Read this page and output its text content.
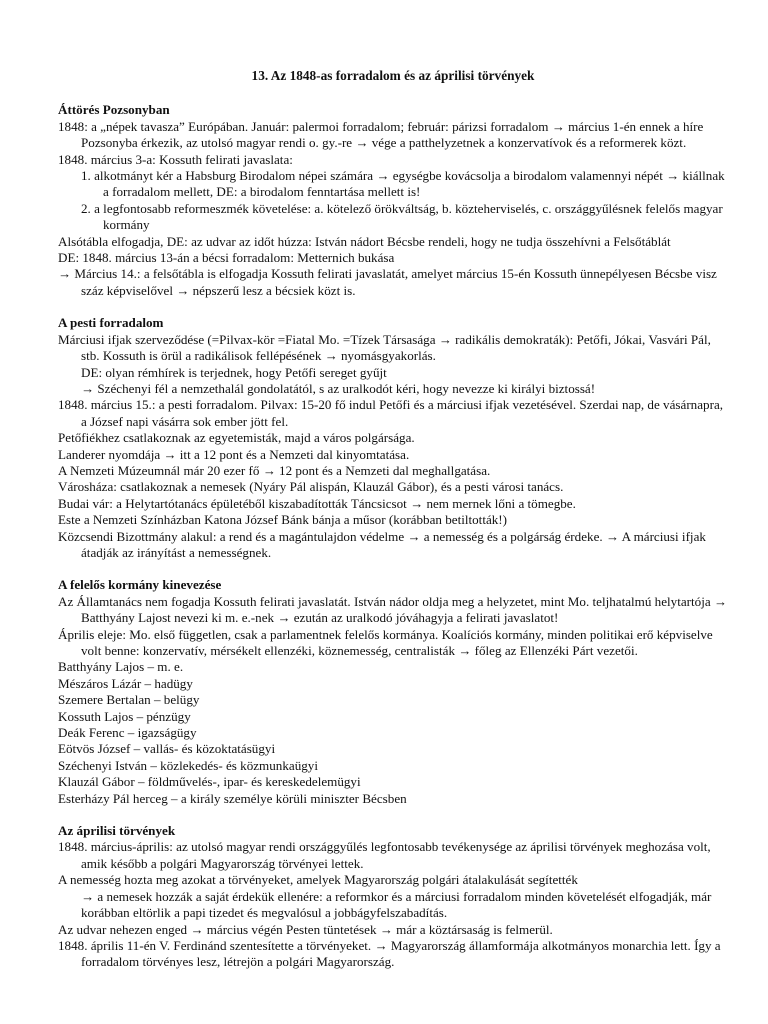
13. Az 1848-as forradalom és az áprilisi törvények

Áttörés Pozsonyban

1848: a „népek tavasza” Európában. Január: palermoi forradalom; február: párizsi forradalom → március 1-én ennek a híre Pozsonyba érkezik, az utolsó magyar rendi o. gy.-re → vége a patthelyzetnek a konzervatívok és a reformerek közt.

1848. március 3-a: Kossuth felirati javaslata:

1. alkotmányt kér a Habsburg Birodalom népei számára → egységbe kovácsolja a birodalom valamennyi népét → kiállnak a forradalom mellett, DE: a birodalom fenntartása mellett is!

2. a legfontosabb reformeszmék követelése: a. kötelező örökváltság, b. közteherviselés, c. országgyűlésnek felelős magyar kormány

Alsótábla elfogadja, DE: az udvar az időt húzza: István nádort Bécsbe rendeli, hogy ne tudja összehívni a Felsőtáblát

DE: 1848. március 13-án a bécsi forradalom: Metternich bukása

→ Március 14.: a felsőtábla is elfogadja Kossuth felirati javaslatát, amelyet március 15-én Kossuth ünnepélyesen Bécsbe visz száz képviselővel → népszerű lesz a bécsiek közt is.

A pesti forradalom

Márciusi ifjak szerveződése (=Pilvax-kör =Fiatal Mo. =Tízek Társasága → radikális demokraták): Petőfi, Jókai, Vasvári Pál, stb. Kossuth is örül a radikálisok fellépésének → nyomásgyakorlás.

DE: olyan rémhírek is terjednek, hogy Petőfi sereget gyűjt

→ Széchenyi fél a nemzethalál gondolatától, s az uralkodót kéri, hogy nevezze ki királyi biztossá!

1848. március 15.: a pesti forradalom. Pilvax: 15-20 fő indul Petőfi és a márciusi ifjak vezetésével. Szerdai nap, de vásárnapra, a József napi vásárra sok ember jött fel.

Petőfiékhez csatlakoznak az egyetemisták, majd a város polgársága.

Landerer nyomdája → itt a 12 pont és a Nemzeti dal kinyomtatása.

A Nemzeti Múzeumnál már 20 ezer fő → 12 pont és a Nemzeti dal meghallgatása.

Városháza: csatlakoznak a nemesek (Nyáry Pál alispán, Klauzál Gábor), és a pesti városi tanács.

Budai vár: a Helytartótanács épületéből kiszabadították Táncsicsot → nem mernek lőni a tömegbe.

Este a Nemzeti Színházban Katona József Bánk bánja a műsor (korábban betiltották!)

Közcsendi Bizottmány alakul: a rend és a magántulajdon védelme → a nemesség és a polgárság érdeke. → A márciusi ifjak átadják az irányítást a nemességnek.

A felelős kormány kinevezése

Az Államtanács nem fogadja Kossuth felirati javaslatát. István nádor oldja meg a helyzetet, mint Mo. teljhatalmú helytartója → Batthyány Lajost nevezi ki m. e.-nek → ezután az uralkodó jóváhagyja a felirati javaslatot!

Április eleje: Mo. első független, csak a parlamentnek felelős kormánya. Koalíciós kormány, minden politikai erő képviselve volt benne: konzervatív, mérsékelt ellenzéki, köznemesség, centralisták → főleg az Ellenzéki Párt vezetői.

Batthyány Lajos – m. e.

Mészáros Lázár – hadügy

Szemere Bertalan – belügy

Kossuth Lajos – pénzügy

Deák Ferenc – igazságügy

Eötvös József – vallás- és közoktatásügyi

Széchenyi István – közlekedés- és közmunkaügyi

Klauzál Gábor – földművelés-, ipar- és kereskedelemügyi

Esterházy Pál herceg – a király személye körüli miniszter Bécsben

Az áprilisi törvények

1848. március-április: az utolsó magyar rendi országgyűlés legfontosabb tevékenysége az áprilisi törvények meghozása volt, amik később a polgári Magyarország törvényei lettek.

A nemesség hozta meg azokat a törvényeket, amelyek Magyarország polgári átalakulását segítették

→ a nemesek hozzák a saját érdekük ellenére: a reformkor és a márciusi forradalom minden követelését elfogadják, már korábban eltörlik a papi tizedet és megvalósul a jobbágyfelszabadítás.

Az udvar nehezen enged → március végén Pesten tüntetések → már a köztársaság is felmerül.

1848. április 11-én V. Ferdinánd szentesítette a törvényeket. → Magyarország államformája alkotmányos monarchia lett. Így a forradalom törvényes lesz, létrejön a polgári Magyarország.
